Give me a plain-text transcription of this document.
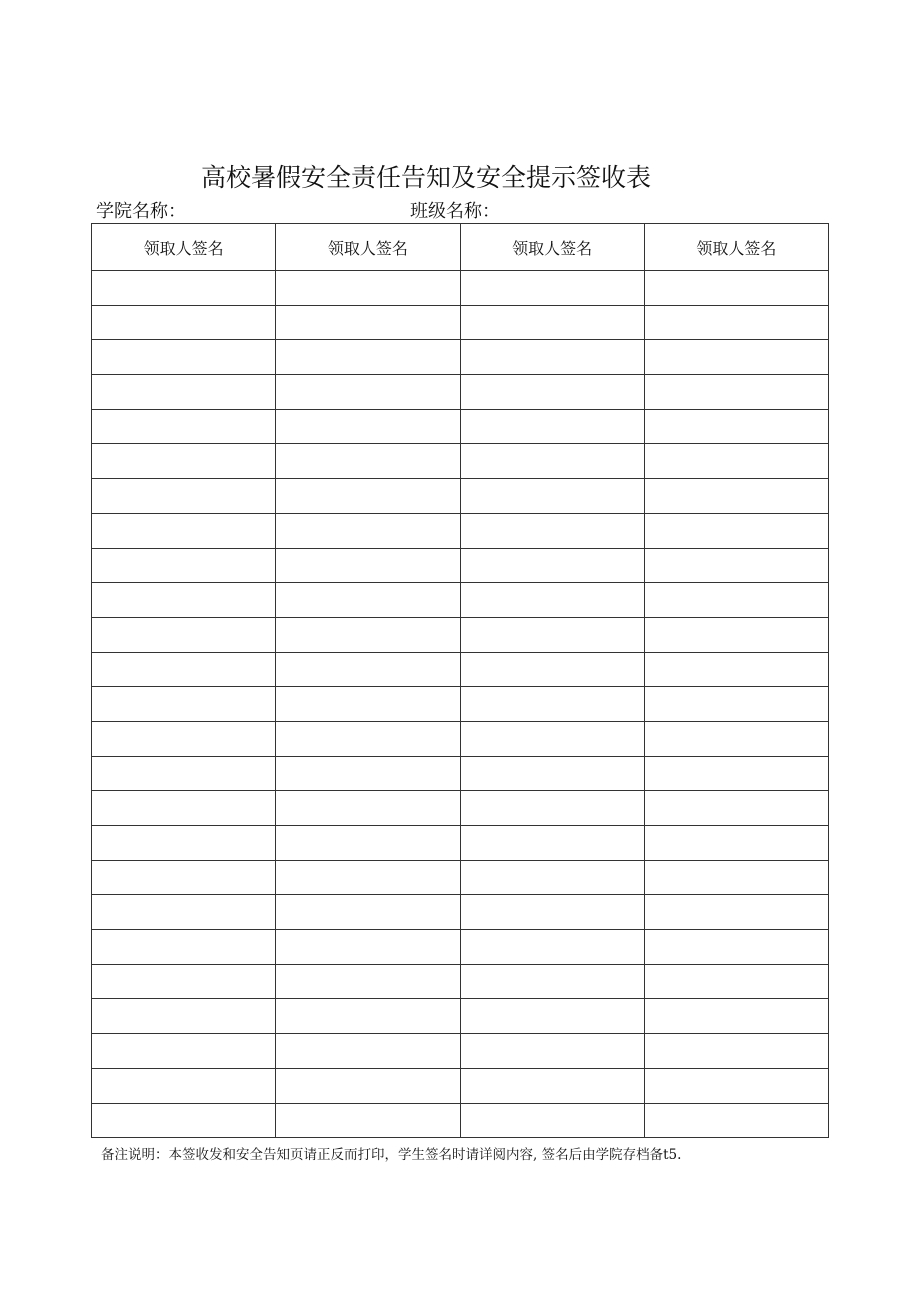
高校暑假安全责任告知及安全提示签收表
学院名称：	班级名称：
领取人签名	领取人签名	领取人签名	领取人签名

备注说明：本签收发和安全告知页请正反而打印，学生签名时请详阅内容, 签名后由学院存档备t5.
